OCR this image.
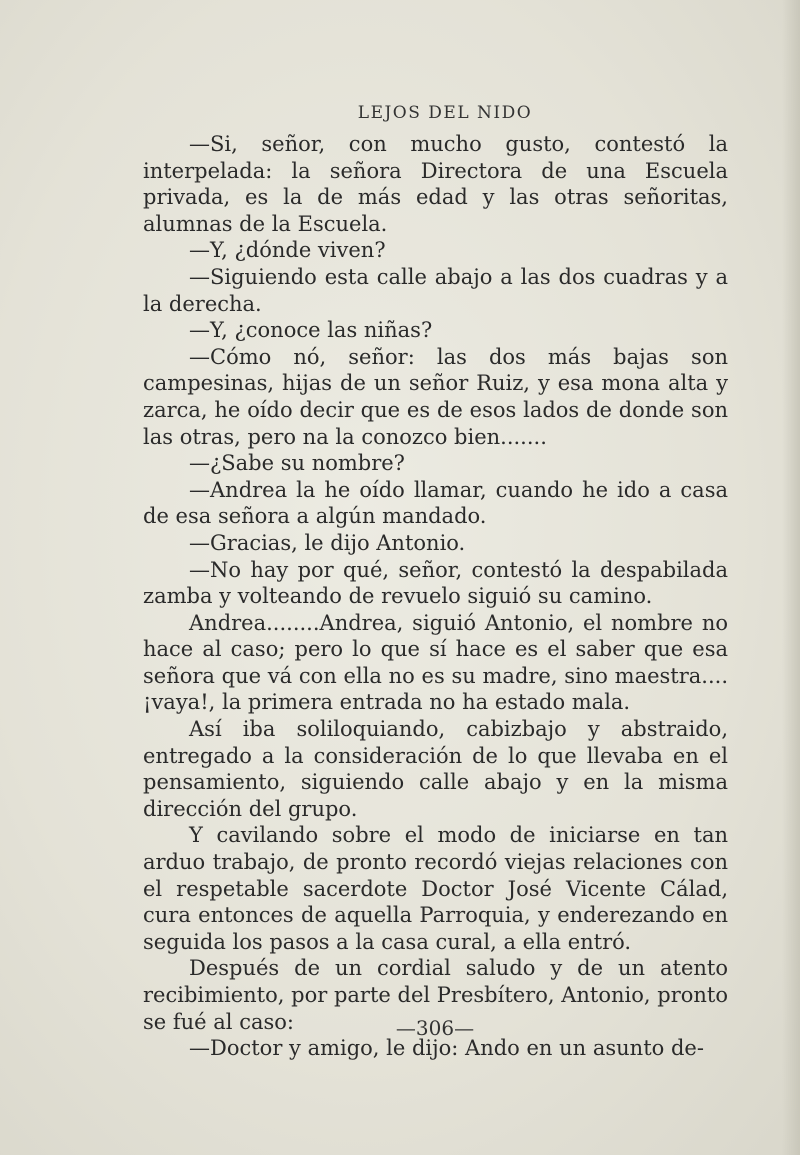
LEJOS DEL NIDO

—Si, señor, con mucho gusto, contestó la interpelada: la señora Directora de una Escuela privada, es la de más edad y las otras señoritas, alumnas de la Escuela.

—Y, ¿dónde viven?

—Siguiendo esta calle abajo a las dos cuadras y a la derecha.

—Y, ¿conoce las niñas?

—Cómo nó, señor: las dos más bajas son campesinas, hijas de un señor Ruiz, y esa mona alta y zarca, he oído decir que es de esos lados de donde son las otras, pero na la conozco bien.......

—¿Sabe su nombre?

—Andrea la he oído llamar, cuando he ido a casa de esa señora a algún mandado.

—Gracias, le dijo Antonio.

—No hay por qué, señor, contestó la despabilada zamba y volteando de revuelo siguió su camino.

Andrea........Andrea, siguió Antonio, el nombre no hace al caso; pero lo que sí hace es el saber que esa señora que vá con ella no es su madre, sino maestra.... ¡vaya!, la primera entrada no ha estado mala.

Así iba soliloquiando, cabizbajo y abstraido, entregado a la consideración de lo que llevaba en el pensamiento, siguiendo calle abajo y en la misma dirección del grupo.

Y cavilando sobre el modo de iniciarse en tan arduo trabajo, de pronto recordó viejas relaciones con el respetable sacerdote Doctor José Vicente Cálad, cura entonces de aquella Parroquia, y enderezando en seguida los pasos a la casa cural, a ella entró.

Después de un cordial saludo y de un atento recibimiento, por parte del Presbítero, Antonio, pronto se fué al caso:

—Doctor y amigo, le dijo: Ando en un asunto de-

—306—
